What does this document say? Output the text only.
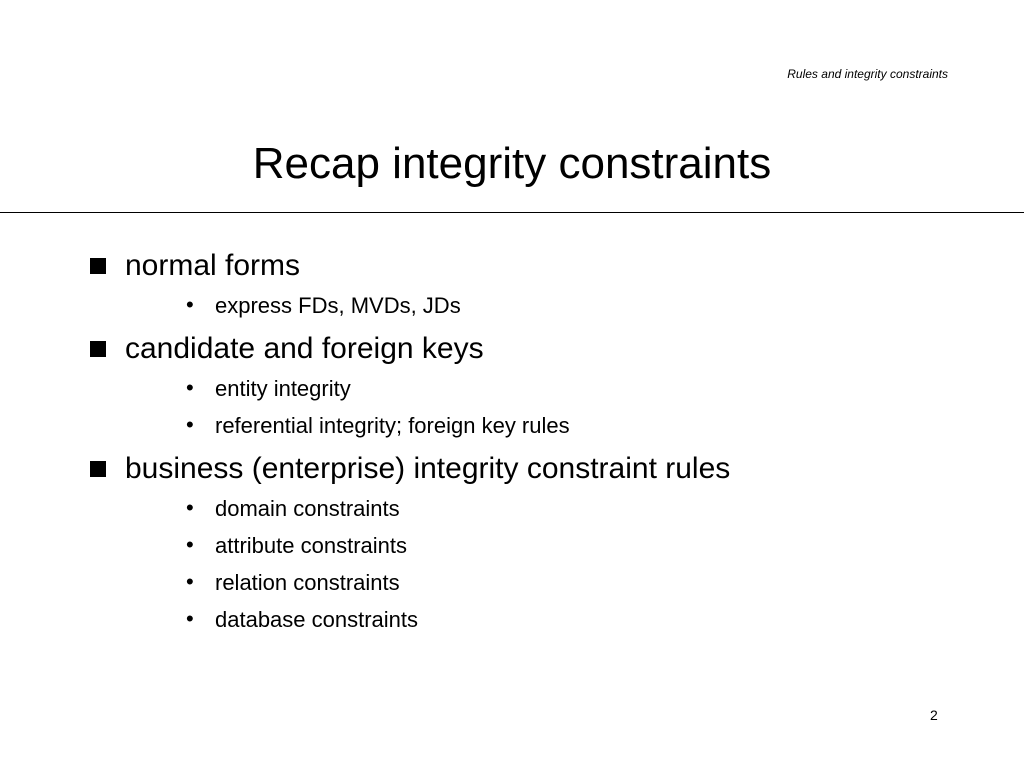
Rules and integrity constraints
Recap integrity constraints
normal forms
• express FDs, MVDs, JDs
candidate and foreign keys
• entity integrity
• referential integrity; foreign key rules
business (enterprise) integrity constraint rules
• domain constraints
• attribute constraints
• relation constraints
• database constraints
2
